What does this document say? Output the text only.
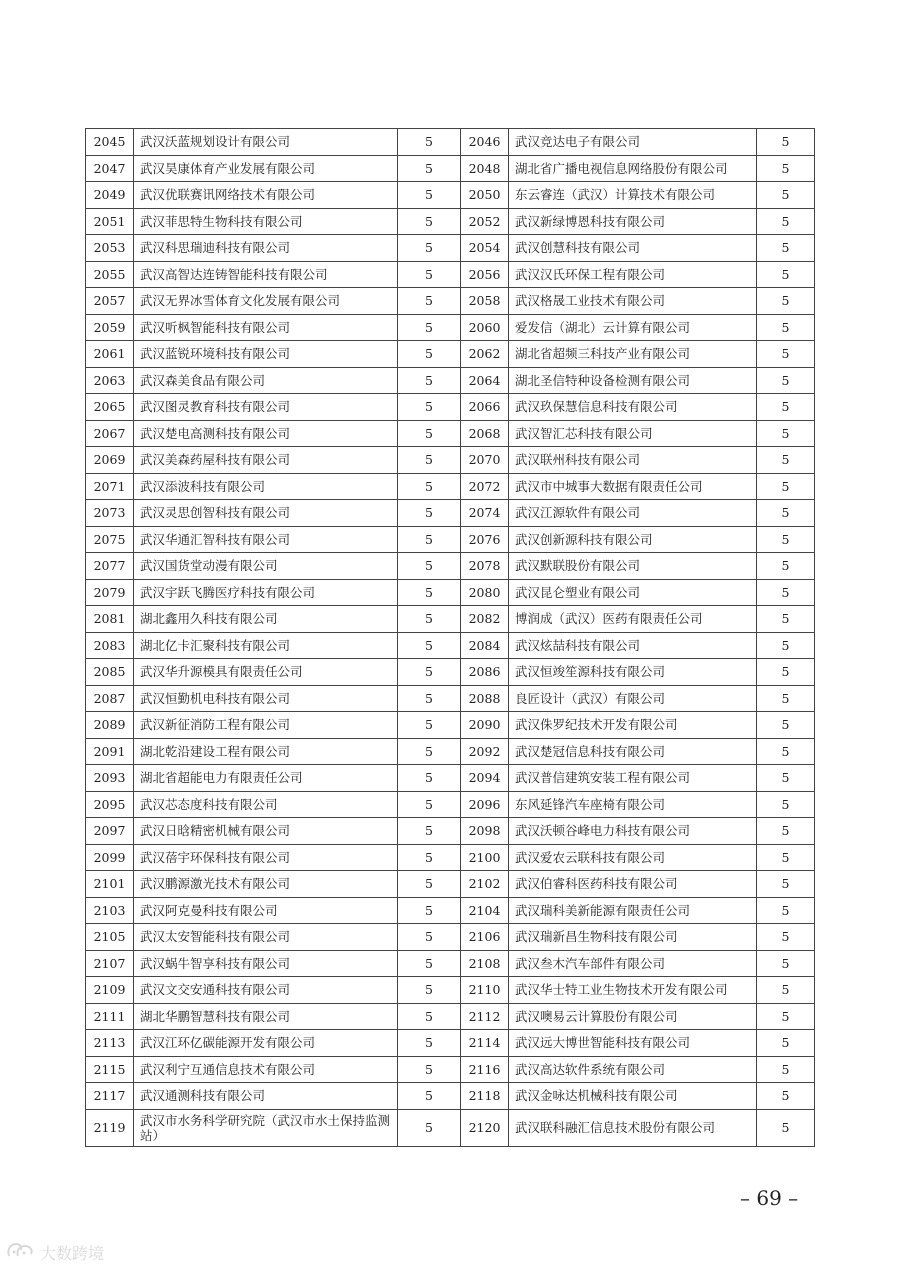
2045	武汉沃蓝规划设计有限公司	5	2046	武汉竞达电子有限公司	5
2047	武汉昊康体育产业发展有限公司	5	2048	湖北省广播电视信息网络股份有限公司	5
2049	武汉优联赛讯网络技术有限公司	5	2050	东云睿连（武汉）计算技术有限公司	5
2051	武汉菲思特生物科技有限公司	5	2052	武汉新绿博恩科技有限公司	5
2053	武汉科思瑞迪科技有限公司	5	2054	武汉创慧科技有限公司	5
2055	武汉高智达连铸智能科技有限公司	5	2056	武汉汉氏环保工程有限公司	5
2057	武汉无界冰雪体育文化发展有限公司	5	2058	武汉格晟工业技术有限公司	5
2059	武汉听枫智能科技有限公司	5	2060	爱发信（湖北）云计算有限公司	5
2061	武汉蓝锐环境科技有限公司	5	2062	湖北省超频三科技产业有限公司	5
2063	武汉森美食品有限公司	5	2064	湖北圣信特种设备检测有限公司	5
2065	武汉图灵教育科技有限公司	5	2066	武汉玖保慧信息科技有限公司	5
2067	武汉楚电高测科技有限公司	5	2068	武汉智汇芯科技有限公司	5
2069	武汉美森药屋科技有限公司	5	2070	武汉联州科技有限公司	5
2071	武汉添波科技有限公司	5	2072	武汉市中城事大数据有限责任公司	5
2073	武汉灵思创智科技有限公司	5	2074	武汉江源软件有限公司	5
2075	武汉华通汇智科技有限公司	5	2076	武汉创新源科技有限公司	5
2077	武汉国货堂动漫有限公司	5	2078	武汉默联股份有限公司	5
2079	武汉宇跃飞腾医疗科技有限公司	5	2080	武汉昆仑塑业有限公司	5
2081	湖北鑫用久科技有限公司	5	2082	博润成（武汉）医药有限责任公司	5
2083	湖北亿卡汇聚科技有限公司	5	2084	武汉炫喆科技有限公司	5
2085	武汉华升源模具有限责任公司	5	2086	武汉恒竣笙源科技有限公司	5
2087	武汉恒勤机电科技有限公司	5	2088	良匠设计（武汉）有限公司	5
2089	武汉新征消防工程有限公司	5	2090	武汉侏罗纪技术开发有限公司	5
2091	湖北乾沿建设工程有限公司	5	2092	武汉楚冠信息科技有限公司	5
2093	湖北省超能电力有限责任公司	5	2094	武汉普信建筑安装工程有限公司	5
2095	武汉芯态度科技有限公司	5	2096	东风延锋汽车座椅有限公司	5
2097	武汉日晗精密机械有限公司	5	2098	武汉沃顿谷峰电力科技有限公司	5
2099	武汉蓓宇环保科技有限公司	5	2100	武汉爱农云联科技有限公司	5
2101	武汉鹏源激光技术有限公司	5	2102	武汉伯睿科医药科技有限公司	5
2103	武汉阿克曼科技有限公司	5	2104	武汉瑞科美新能源有限责任公司	5
2105	武汉太安智能科技有限公司	5	2106	武汉瑞新昌生物科技有限公司	5
2107	武汉蜗牛智享科技有限公司	5	2108	武汉叁木汽车部件有限公司	5
2109	武汉文交安通科技有限公司	5	2110	武汉华士特工业生物技术开发有限公司	5
2111	湖北华鹏智慧科技有限公司	5	2112	武汉噢易云计算股份有限公司	5
2113	武汉江环亿碳能源开发有限公司	5	2114	武汉远大博世智能科技有限公司	5
2115	武汉利宁互通信息技术有限公司	5	2116	武汉高达软件系统有限公司	5
2117	武汉通测科技有限公司	5	2118	武汉金咏达机械科技有限公司	5
2119	武汉市水务科学研究院（武汉市水土保持监测站）	5	2120	武汉联科融汇信息技术股份有限公司	5
– 69 –
大数跨境
